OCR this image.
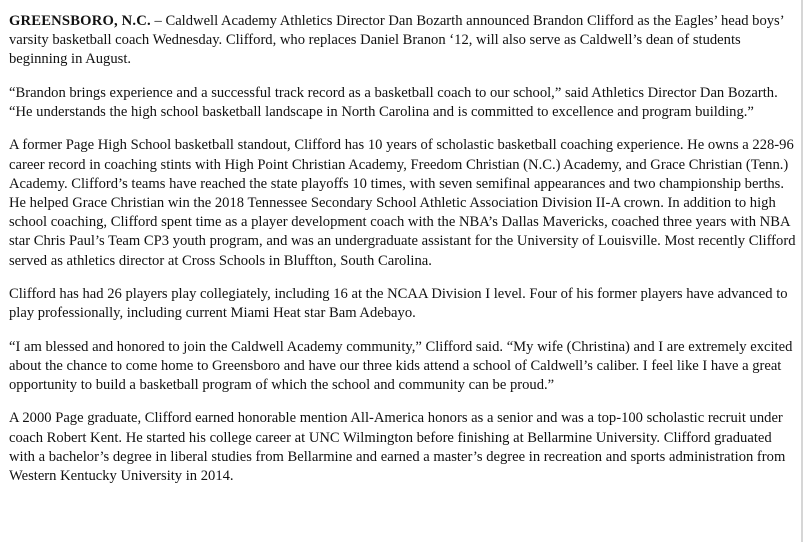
GREENSBORO, N.C. – Caldwell Academy Athletics Director Dan Bozarth announced Brandon Clifford as the Eagles’ head boys’ varsity basketball coach Wednesday. Clifford, who replaces Daniel Branon ‘12, will also serve as Caldwell’s dean of students beginning in August.

“Brandon brings experience and a successful track record as a basketball coach to our school,” said Athletics Director Dan Bozarth. “He understands the high school basketball landscape in North Carolina and is committed to excellence and program building.”

A former Page High School basketball standout, Clifford has 10 years of scholastic basketball coaching experience. He owns a 228-96 career record in coaching stints with High Point Christian Academy, Freedom Christian (N.C.) Academy, and Grace Christian (Tenn.) Academy. Clifford’s teams have reached the state playoffs 10 times, with seven semifinal appearances and two championship berths. He helped Grace Christian win the 2018 Tennessee Secondary School Athletic Association Division II-A crown. In addition to high school coaching, Clifford spent time as a player development coach with the NBA’s Dallas Mavericks, coached three years with NBA star Chris Paul’s Team CP3 youth program, and was an undergraduate assistant for the University of Louisville. Most recently Clifford served as athletics director at Cross Schools in Bluffton, South Carolina.

Clifford has had 26 players play collegiately, including 16 at the NCAA Division I level. Four of his former players have advanced to play professionally, including current Miami Heat star Bam Adebayo.

“I am blessed and honored to join the Caldwell Academy community,” Clifford said. “My wife (Christina) and I are extremely excited about the chance to come home to Greensboro and have our three kids attend a school of Caldwell’s caliber. I feel like I have a great opportunity to build a basketball program of which the school and community can be proud.”

A 2000 Page graduate, Clifford earned honorable mention All-America honors as a senior and was a top-100 scholastic recruit under coach Robert Kent. He started his college career at UNC Wilmington before finishing at Bellarmine University. Clifford graduated with a bachelor’s degree in liberal studies from Bellarmine and earned a master’s degree in recreation and sports administration from Western Kentucky University in 2014.
